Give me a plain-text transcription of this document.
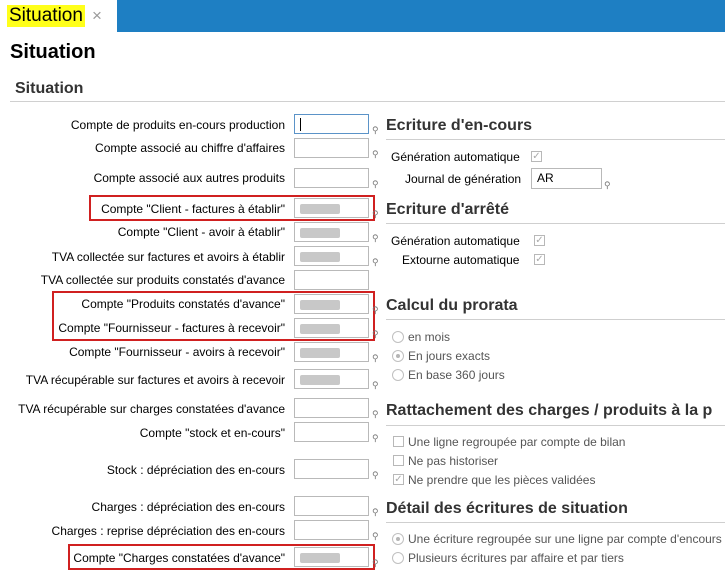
Situation ×
Situation
Situation
Compte de produits en-cours production	⚲
Compte associé au chiffre d'affaires	⚲
Compte associé aux autres produits	⚲
Compte "Client - factures à établir"	⚲
Compte "Client - avoir à établir"	⚲
TVA collectée sur factures et avoirs à établir	⚲
TVA collectée sur produits constatés d'avance
Compte "Produits constatés d'avance"	⚲
Compte "Fournisseur - factures à recevoir"	⚲
Compte "Fournisseur - avoirs à recevoir"	⚲
TVA récupérable sur factures et avoirs à recevoir	⚲
TVA récupérable sur charges constatées d'avance	⚲
Compte "stock et en-cours"	⚲
Stock : dépréciation des en-cours	⚲
Charges : dépréciation des en-cours	⚲
Charges : reprise dépréciation des en-cours	⚲
Compte "Charges constatées d'avance"	⚲
Ecriture d'en-cours
Génération automatique ✓
Journal de génération	AR	⚲
Ecriture d'arrêté
Génération automatique ✓
Extourne automatique ✓
Calcul du prorata
en mois
En jours exacts
En base 360 jours
Rattachement des charges / produits à la p
Une ligne regroupée par compte de bilan
Ne pas historiser
✓ Ne prendre que les pièces validées
Détail des écritures de situation
Une écriture regroupée sur une ligne par compte d'encours
Plusieurs écritures par affaire et par tiers
